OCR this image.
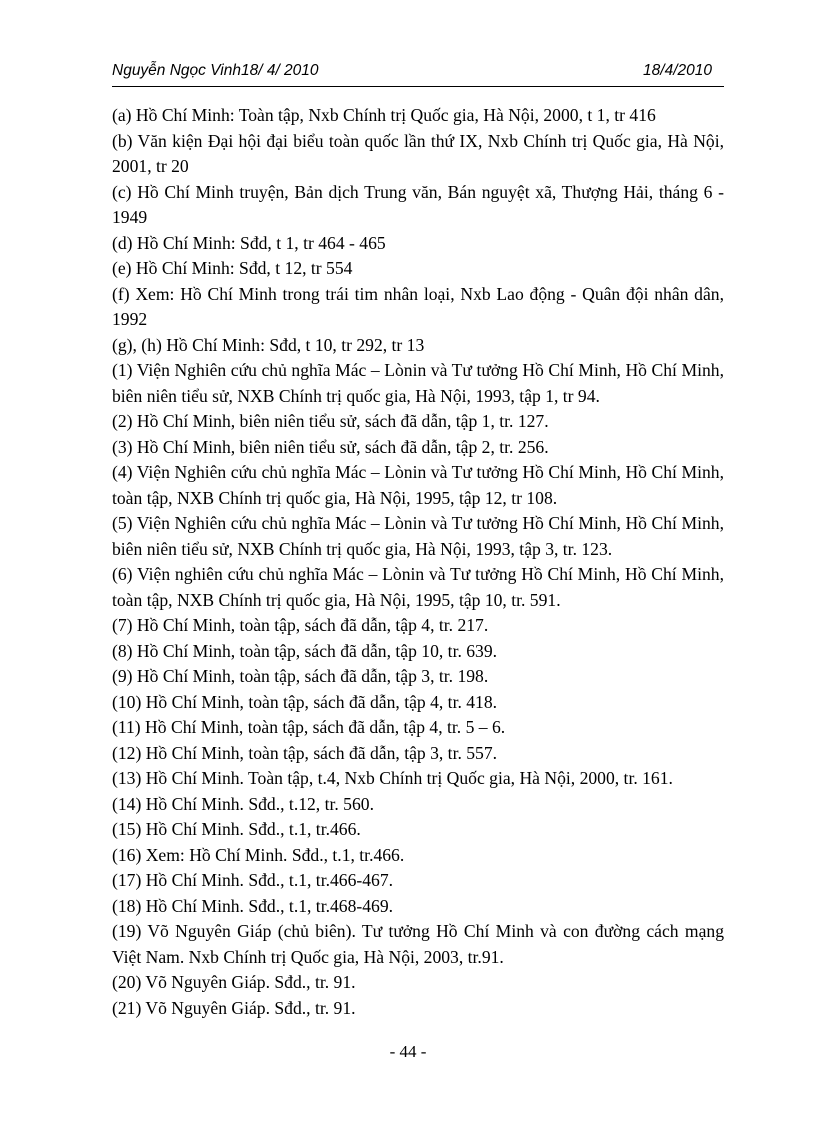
Nguyễn Ngọc Vinh18/ 4/ 2010	18/4/2010
(a) Hồ Chí Minh: Toàn tập, Nxb Chính trị Quốc gia, Hà Nội, 2000, t 1, tr 416
(b) Văn kiện Đại hội đại biểu toàn quốc lần thứ IX, Nxb Chính trị Quốc gia, Hà Nội, 2001, tr 20
(c) Hồ Chí Minh truyện, Bản dịch Trung văn, Bán nguyệt xã, Thượng Hải, tháng 6 - 1949
(d) Hồ Chí Minh: Sđd, t 1, tr 464 - 465
(e) Hồ Chí Minh: Sđd, t 12, tr 554
(f) Xem: Hồ Chí Minh trong trái tim nhân loại, Nxb Lao động - Quân đội nhân dân, 1992
(g), (h) Hồ Chí Minh: Sđd, t 10, tr 292, tr 13
(1) Viện Nghiên cứu chủ nghĩa Mác – Lònin và Tư tưởng Hồ Chí Minh, Hồ Chí Minh, biên niên tiểu sử, NXB Chính trị quốc gia, Hà Nội, 1993, tập 1, tr 94.
(2) Hồ Chí Minh, biên niên tiểu sử, sách đã dẫn, tập 1, tr. 127.
(3) Hồ Chí Minh, biên niên tiểu sử, sách đã dẫn, tập 2, tr. 256.
(4) Viện Nghiên cứu chủ nghĩa Mác – Lònin và Tư tưởng Hồ Chí Minh, Hồ Chí Minh, toàn tập, NXB Chính trị quốc gia, Hà Nội, 1995, tập 12, tr 108.
(5) Viện Nghiên cứu chủ nghĩa Mác – Lònin và Tư tưởng Hồ Chí Minh, Hồ Chí Minh, biên niên tiểu sử, NXB Chính trị quốc gia, Hà Nội, 1993, tập 3, tr. 123.
(6) Viện nghiên cứu chủ nghĩa Mác – Lònin và Tư tưởng Hồ Chí Minh, Hồ Chí Minh, toàn tập, NXB Chính trị quốc gia, Hà Nội, 1995, tập 10, tr. 591.
(7) Hồ Chí Minh, toàn tập, sách đã dẫn, tập 4, tr. 217.
(8) Hồ Chí Minh, toàn tập, sách đã dẫn, tập 10, tr. 639.
(9) Hồ Chí Minh, toàn tập, sách đã dẫn, tập 3, tr. 198.
(10) Hồ Chí Minh, toàn tập, sách đã dẫn, tập 4, tr. 418.
(11) Hồ Chí Minh, toàn tập, sách đã dẫn, tập 4, tr. 5 – 6.
(12) Hồ Chí Minh, toàn tập, sách đã dẫn, tập 3, tr. 557.
(13) Hồ Chí Minh. Toàn tập, t.4, Nxb Chính trị Quốc gia, Hà Nội, 2000, tr. 161.
(14) Hồ Chí Minh. Sđd., t.12, tr. 560.
(15) Hồ Chí Minh. Sđd., t.1, tr.466.
(16) Xem: Hồ Chí Minh. Sđd., t.1, tr.466.
(17) Hồ Chí Minh. Sđd., t.1, tr.466-467.
(18) Hồ Chí Minh. Sđd., t.1, tr.468-469.
(19) Võ Nguyên Giáp (chủ biên). Tư tưởng Hồ Chí Minh và con đường cách mạng Việt Nam. Nxb Chính trị Quốc gia, Hà Nội, 2003, tr.91.
(20) Võ Nguyên Giáp. Sđd., tr. 91.
(21) Võ Nguyên Giáp. Sđd., tr. 91.
- 44 -
